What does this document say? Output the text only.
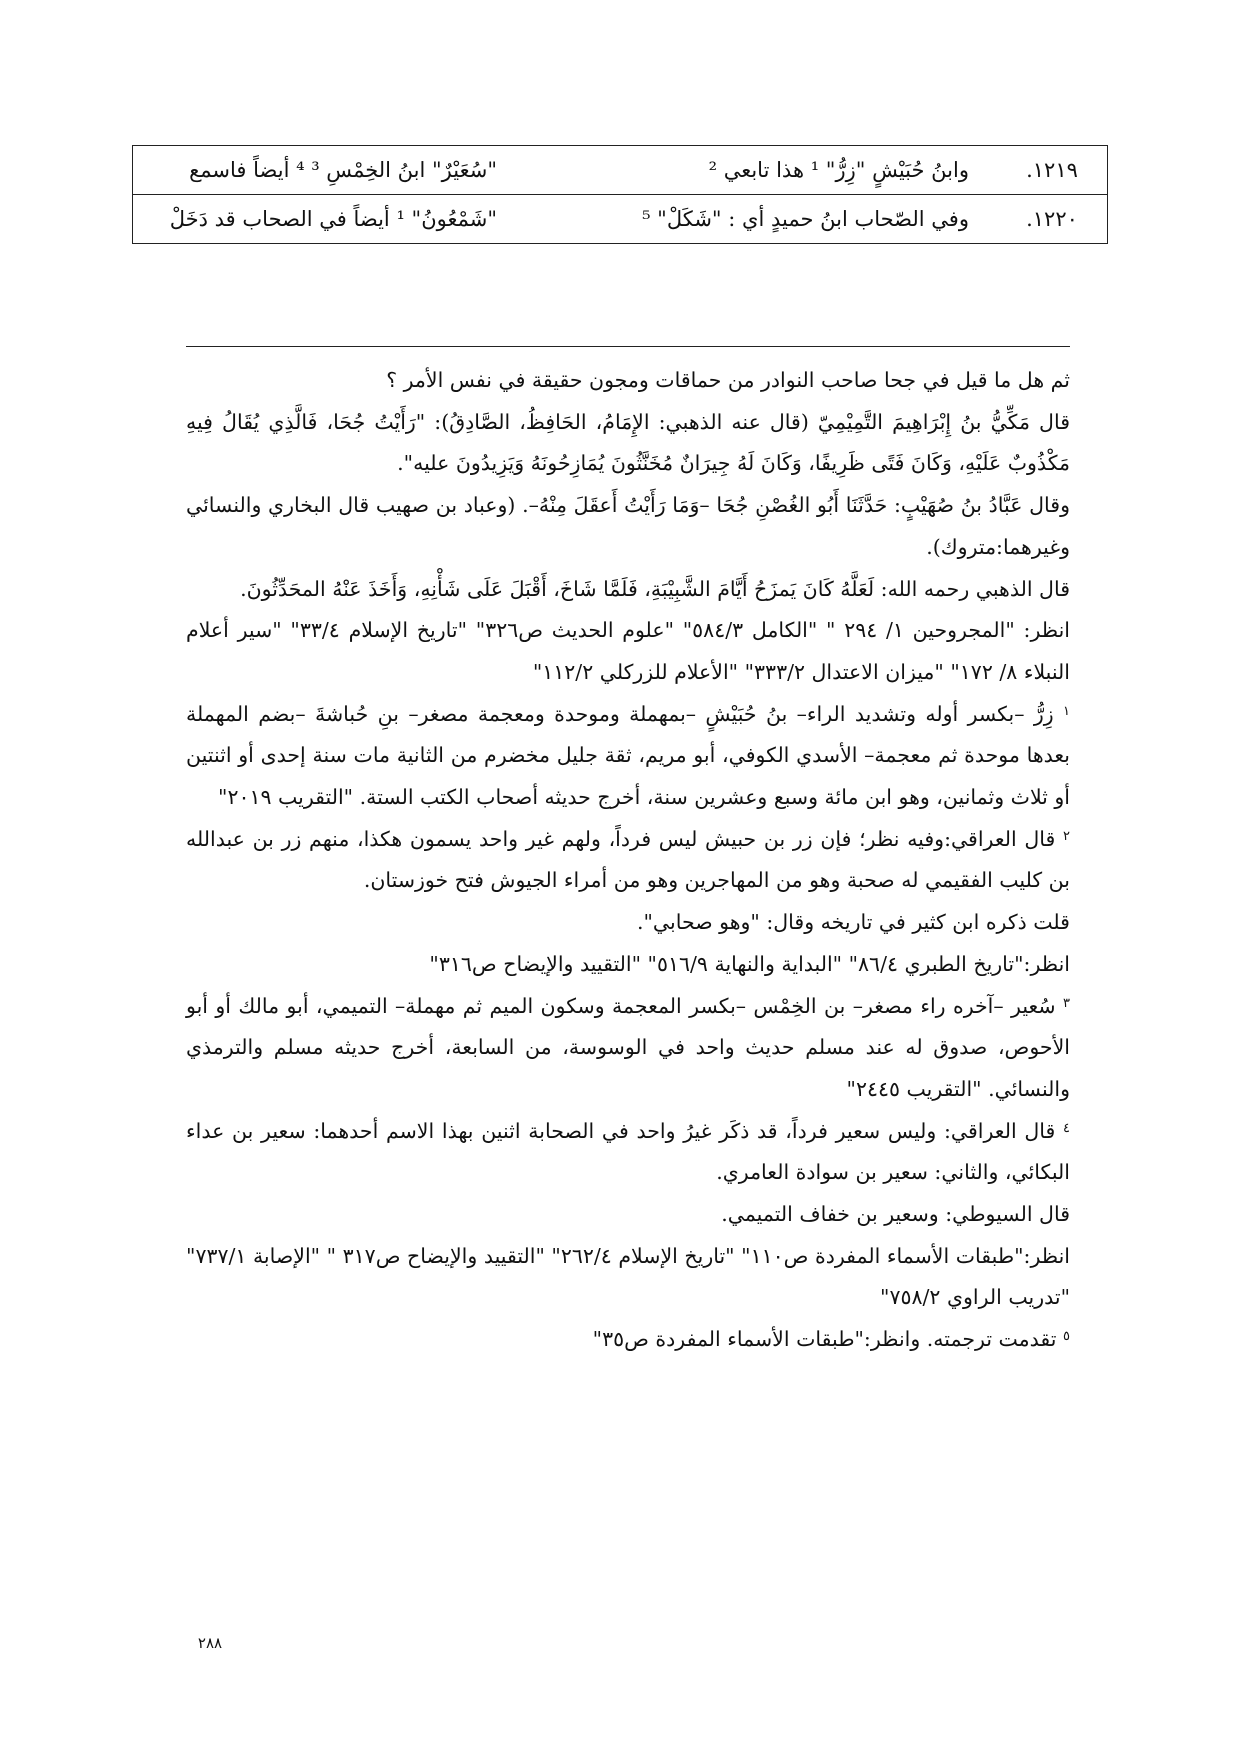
١٢١٩.	وابنُ حُبَيْشٍ "زِرُّ" ¹ هذا تابعي ²	"سُعَيْرٌ" ابنُ الخِمْسِ ³ ⁴ أيضاً فاسمع
١٢٢٠.	وفي الصّحاب ابنُ حميدٍ أي : "شَكَلْ" ⁵	"شَمْعُونُ" ¹ أيضاً في الصحاب قد دَخَلْ

ثم هل ما قيل في جحا صاحب النوادر من حماقات ومجون حقيقة في نفس الأمر ؟

قال مَكِّيُّ بنُ إِبْرَاهِيمَ التَّمِيْمِيّ (قال عنه الذهبي: الإِمَامُ، الحَافِظُ، الصَّادِقُ): "رَأَيْتُ جُحَا، فَالَّذِي يُقَالُ فِيهِ مَكْذُوبٌ عَلَيْهِ، وَكَانَ فَتًى ظَرِيفًا، وَكَانَ لَهُ جِيرَانٌ مُخَنَّثُونَ يُمَازِحُونَهُ وَيَزِيدُونَ عليه".

وقال عَبَّادُ بنُ صُهَيْبٍ: حَدَّثَنَا أَبُو الغُصْنِ جُحَا –وَمَا رَأَيْتُ أَعقَلَ مِنْهُ–. (وعباد بن صهيب قال البخاري والنسائي وغيرهما:متروك).

قال الذهبي رحمه الله: لَعَلَّهُ كَانَ يَمزَحُ أَيَّامَ الشَّبِيْبَةِ، فَلَمَّا شَاخَ، أَقْبَلَ عَلَى شَأْنِهِ، وَأَخَذَ عَنْهُ المحَدِّثُونَ.

انظر: "المجروحين ١/ ٢٩٤ " "الكامل ٥٨٤/٣" "علوم الحديث ص٣٢٦" "تاريخ الإسلام ٣٣/٤" "سير أعلام النبلاء ٨/ ١٧٢" "ميزان الاعتدال ٣٣٣/٢" "الأعلام للزركلي ١١٢/٢"

$^١$ زِرُّ –بكسر أوله وتشديد الراء– بنُ حُبَيْشٍ –بمهملة وموحدة ومعجمة مصغر– بنِ حُباشةَ –بضم المهملة بعدها موحدة ثم معجمة– الأسدي الكوفي، أبو مريم، ثقة جليل مخضرم من الثانية مات سنة إحدى أو اثنتين أو ثلاث وثمانين، وهو ابن مائة وسبع وعشرين سنة، أخرج حديثه أصحاب الكتب الستة. "التقريب ٢٠١٩"

$^٢$ قال العراقي:وفيه نظر؛ فإن زر بن حبيش ليس فرداً، ولهم غير واحد يسمون هكذا، منهم زر بن عبدالله بن كليب الفقيمي له صحبة وهو من المهاجرين وهو من أمراء الجيوش فتح خوزستان.

قلت ذكره ابن كثير في تاريخه وقال: "وهو صحابي".

انظر:"تاريخ الطبري ٨٦/٤" "البداية والنهاية ٥١٦/٩" "التقييد والإيضاح ص٣١٦"

$^٣$ سُعير –آخره راء مصغر– بن الخِمْس –بكسر المعجمة وسكون الميم ثم مهملة– التميمي، أبو مالك أو أبو الأحوص، صدوق له عند مسلم حديث واحد في الوسوسة، من السابعة، أخرج حديثه مسلم والترمذي والنسائي. "التقريب ٢٤٤٥"

$^٤$ قال العراقي: وليس سعير فرداً، قد ذكَر غيرُ واحد في الصحابة اثنين بهذا الاسم أحدهما: سعير بن عداء البكائي، والثاني: سعير بن سوادة العامري.

قال السيوطي: وسعير بن خفاف التميمي.

انظر:"طبقات الأسماء المفردة ص١١٠" "تاريخ الإسلام ٢٦٢/٤" "التقييد والإيضاح ص٣١٧ " "الإصابة ٧٣٧/١" "تدريب الراوي ٧٥٨/٢"

$^٥$ تقدمت ترجمته. وانظر:"طبقات الأسماء المفردة ص٣٥"

٢٨٨
